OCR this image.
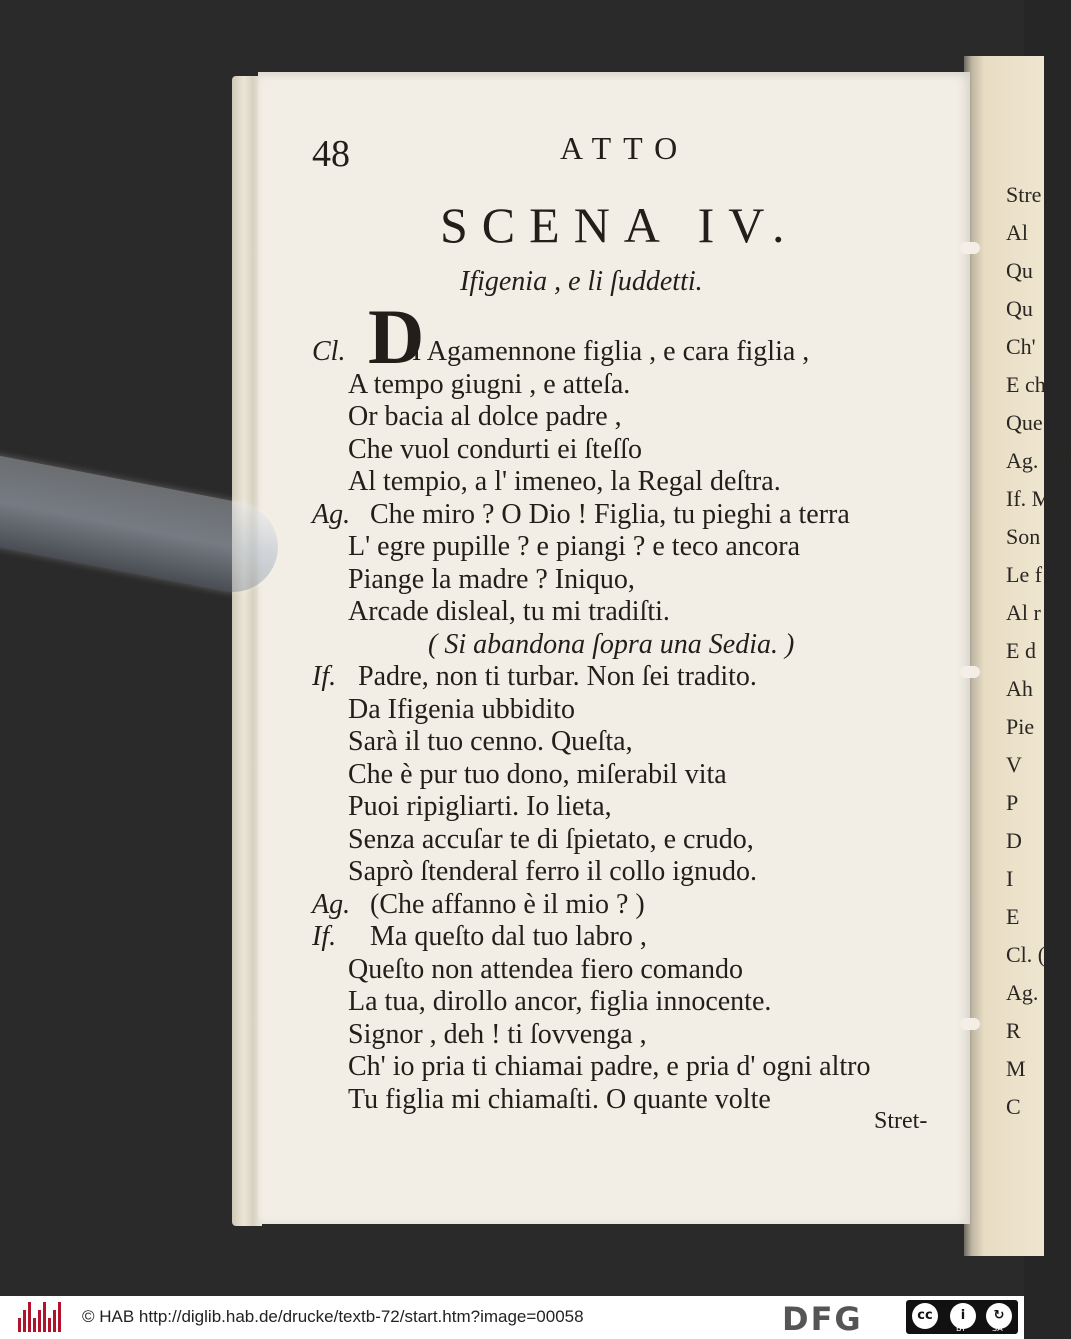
Stre
Al
Qu
Qu
Ch'
E ch
Que
Ag. (M
If. Ma
Son
Le f
Al r
E d
Ah
Pie
V
P
D
I
E
Cl. (
Ag.
R
M
C
48	ATTO
SCENA IV.
Ifigenia , e li ſuddetti.
D
Cl. I Agamennone figlia , e cara figlia ,
A tempo giugni , e atteſa.
Or bacia al dolce padre ,
Che vuol condurti ei ſteſſo
Al tempio, a l' imeneo, la Regal deſtra.
Ag. Che miro ? O Dio ! Figlia, tu pieghi a terra
L' egre pupille ? e piangi ? e teco ancora
Piange la madre ? Iniquo,
Arcade disleal, tu mi tradiſti.
( Si abandona ſopra una Sedia. )
If. Padre, non ti turbar. Non ſei tradito.
Da Ifigenia ubbidito
Sarà il tuo cenno. Queſta,
Che è pur tuo dono, miſerabil vita
Puoi ripigliarti. Io lieta,
Senza accuſar te di ſpietato, e crudo,
Saprò ſtenderal ferro il collo ignudo.
Ag. (Che affanno è il mio ? )
If. Ma queſto dal tuo labro ,
Queſto non attendea fiero comando
La tua, dirollo ancor, figlia innocente.
Signor , deh ! ti ſovvenga ,
Ch' io pria ti chiamai padre, e pria d' ogni altro
Tu figlia mi chiamaſti. O quante volte
Stret-
© HAB http://diglib.hab.de/drucke/textb-72/start.htm?image=00058	DFG	cc	i	↻
BY	SA
